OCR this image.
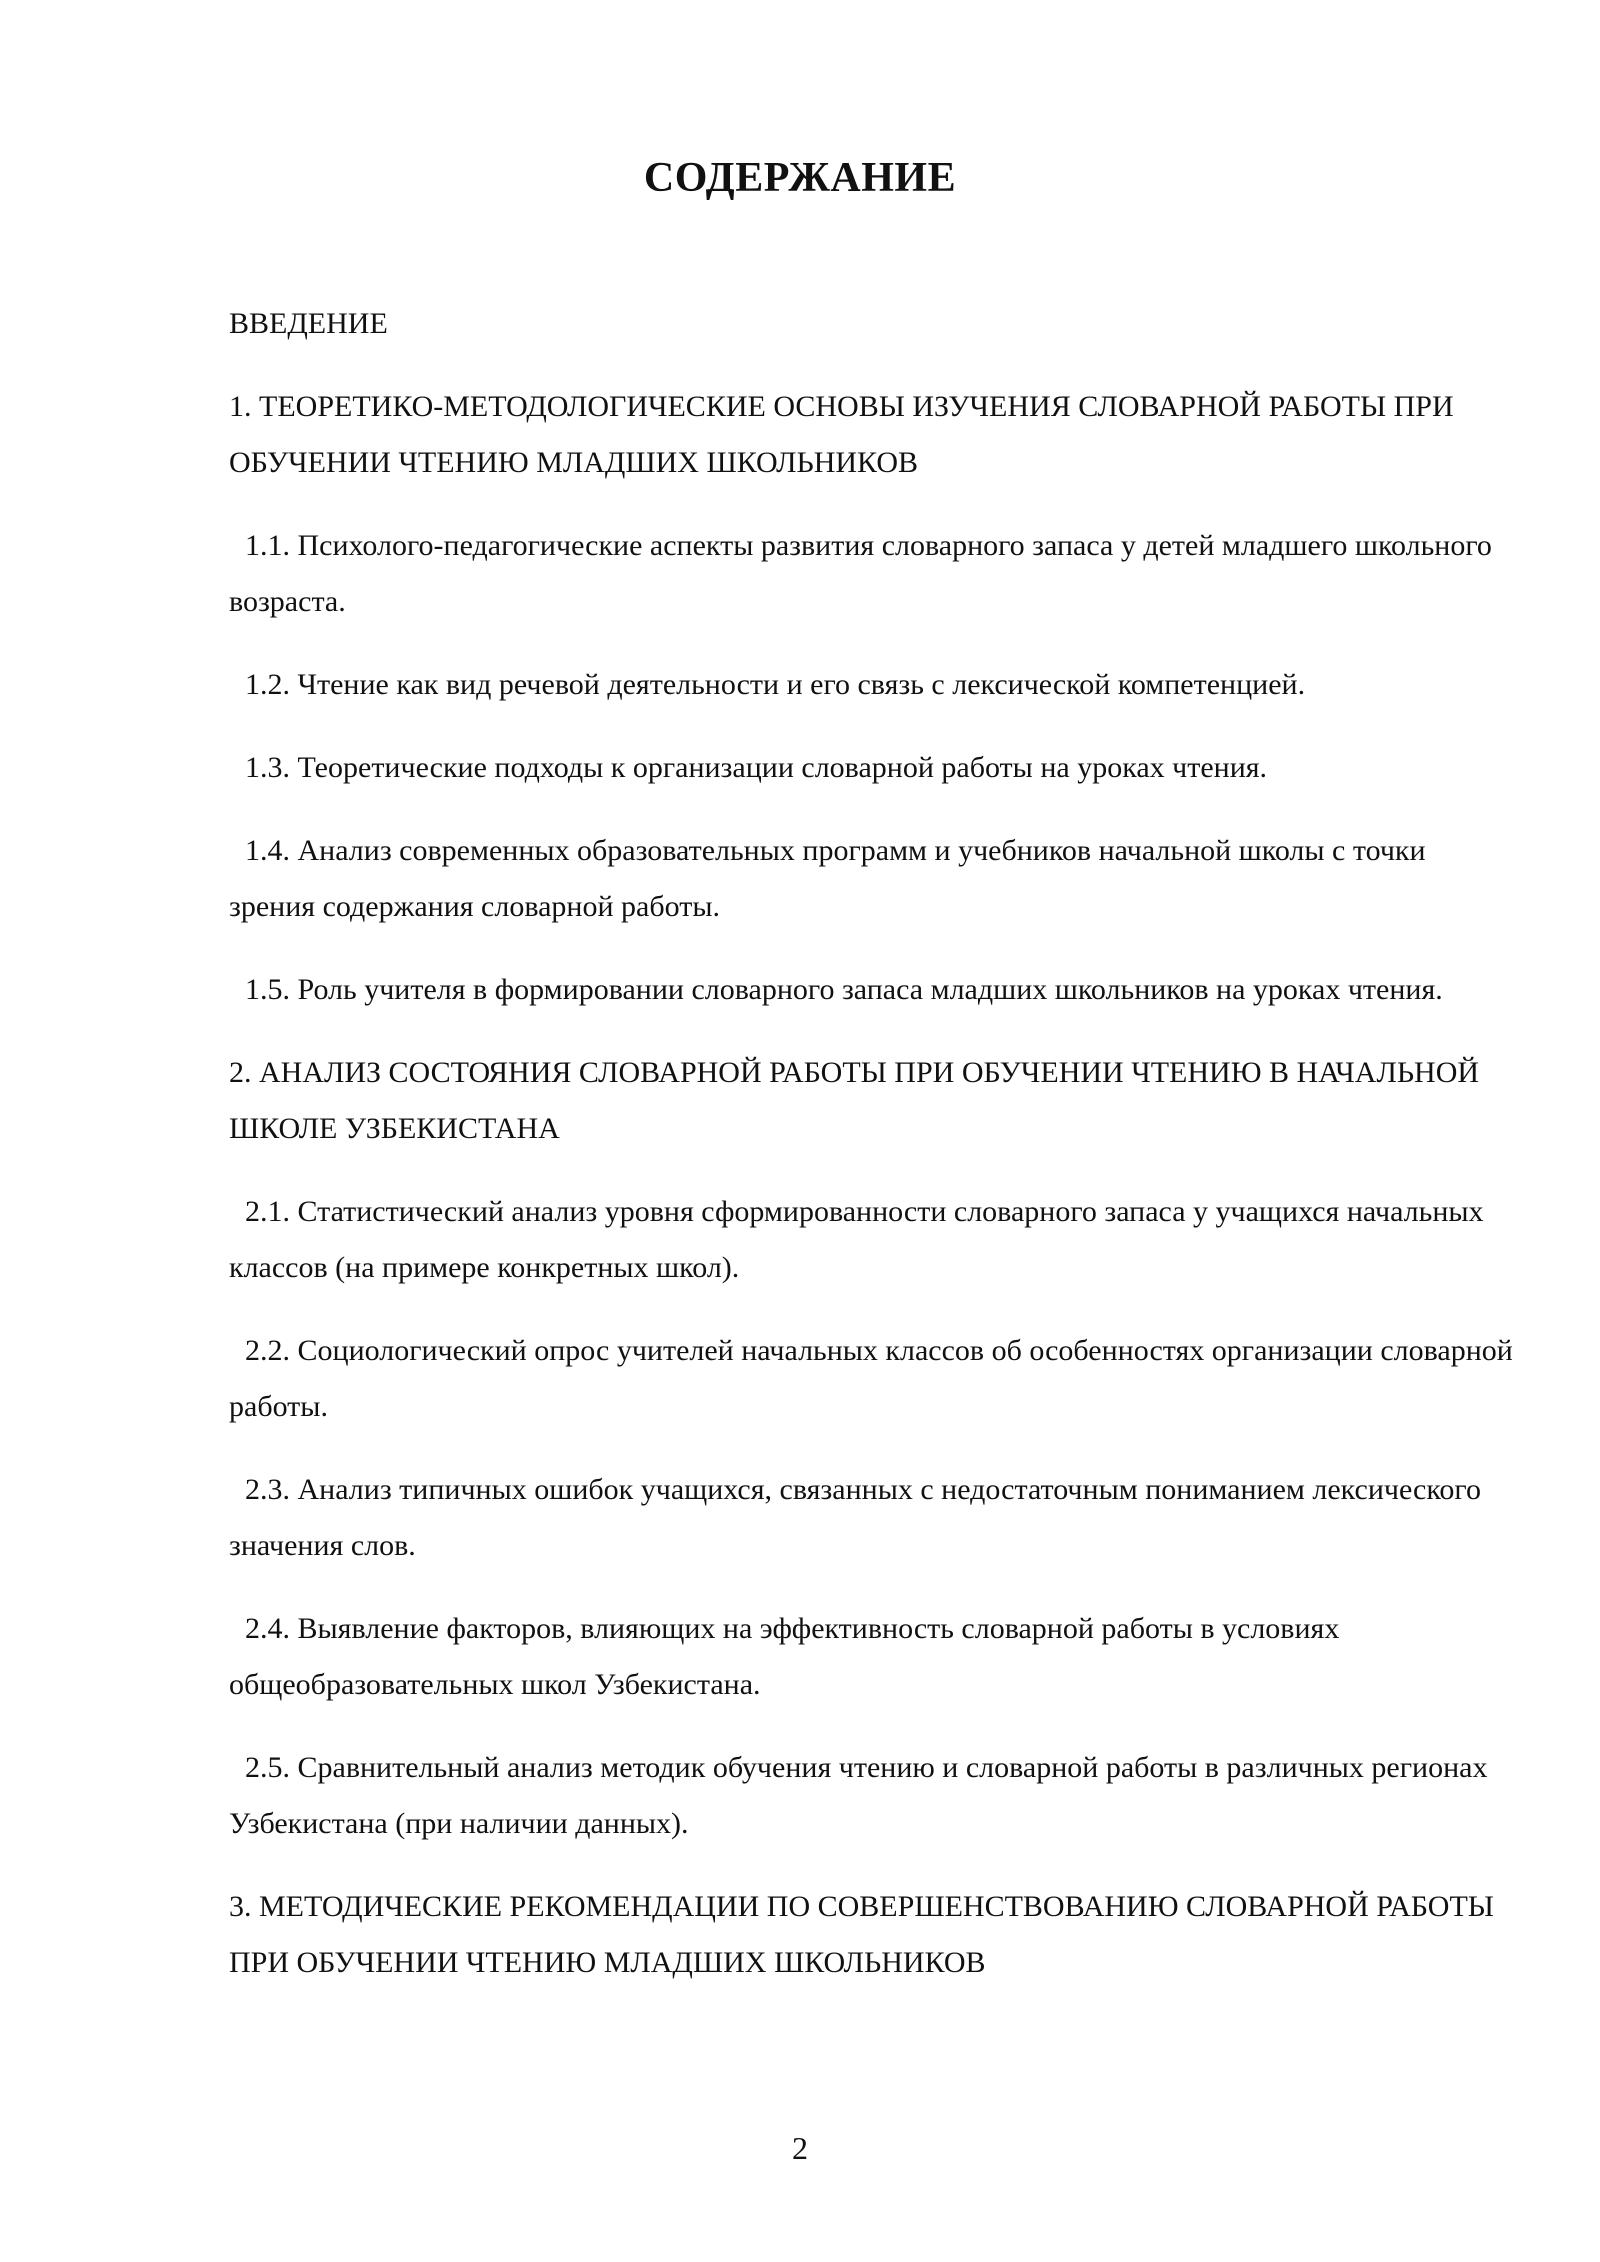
СОДЕРЖАНИЕ
ВВЕДЕНИЕ
1. ТЕОРЕТИКО-МЕТОДОЛОГИЧЕСКИЕ ОСНОВЫ ИЗУЧЕНИЯ СЛОВАРНОЙ РАБОТЫ ПРИ ОБУЧЕНИИ ЧТЕНИЮ МЛАДШИХ ШКОЛЬНИКОВ
1.1. Психолого-педагогические аспекты развития словарного запаса у детей младшего школьного возраста.
1.2. Чтение как вид речевой деятельности и его связь с лексической компетенцией.
1.3. Теоретические подходы к организации словарной работы на уроках чтения.
1.4. Анализ современных образовательных программ и учебников начальной школы с точки зрения содержания словарной работы.
1.5. Роль учителя в формировании словарного запаса младших школьников на уроках чтения.
2. АНАЛИЗ СОСТОЯНИЯ СЛОВАРНОЙ РАБОТЫ ПРИ ОБУЧЕНИИ ЧТЕНИЮ В НАЧАЛЬНОЙ ШКОЛЕ УЗБЕКИСТАНА
2.1. Статистический анализ уровня сформированности словарного запаса у учащихся начальных классов (на примере конкретных школ).
2.2. Социологический опрос учителей начальных классов об особенностях организации словарной работы.
2.3. Анализ типичных ошибок учащихся, связанных с недостаточным пониманием лексического значения слов.
2.4. Выявление факторов, влияющих на эффективность словарной работы в условиях общеобразовательных школ Узбекистана.
2.5. Сравнительный анализ методик обучения чтению и словарной работы в различных регионах Узбекистана (при наличии данных).
3. МЕТОДИЧЕСКИЕ РЕКОМЕНДАЦИИ ПО СОВЕРШЕНСТВОВАНИЮ СЛОВАРНОЙ РАБОТЫ ПРИ ОБУЧЕНИИ ЧТЕНИЮ МЛАДШИХ ШКОЛЬНИКОВ
2
